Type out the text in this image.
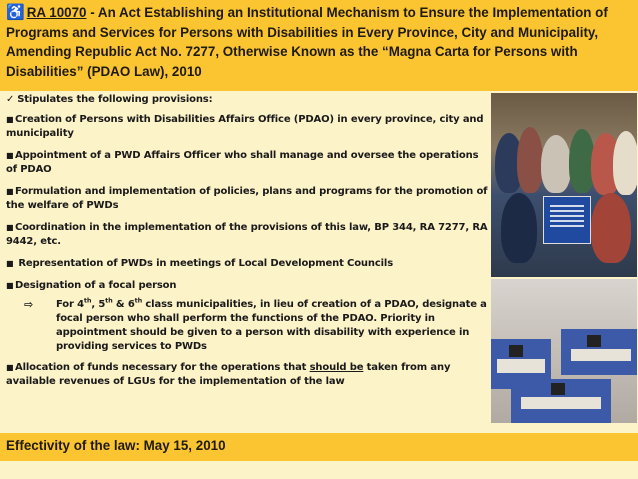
♿ RA 10070 - An Act Establishing an Institutional Mechanism to Ensure the Implementation of Programs and Services for Persons with Disabilities in Every Province, City and Municipality, Amending Republic Act No. 7277, Otherwise Known as the “Magna Carta for Persons with Disabilities” (PDAO Law), 2010
✓ Stipulates the following provisions:
■ Creation of Persons with Disabilities Affairs Office (PDAO) in every province, city and municipality
■ Appointment of a PWD Affairs Officer who shall manage and oversee the operations of PDAO
■ Formulation and implementation of policies, plans and programs for the promotion of the welfare of PWDs
■ Coordination in the implementation of the provisions of this law, BP 344, RA 7277, RA 9442, etc.
■ Representation of PWDs in meetings of Local Development Councils
■ Designation of a focal person
⇨ For 4th, 5th & 6th class municipalities, in lieu of creation of a PDAO, designate a focal person who shall perform the functions of the PDAO. Priority in appointment should be given to a person with disability with experience in providing services to PWDs
■ Allocation of funds necessary for the operations that should be taken from any available revenues of LGUs for the implementation of the law
Effectivity of the law: May 15, 2010
